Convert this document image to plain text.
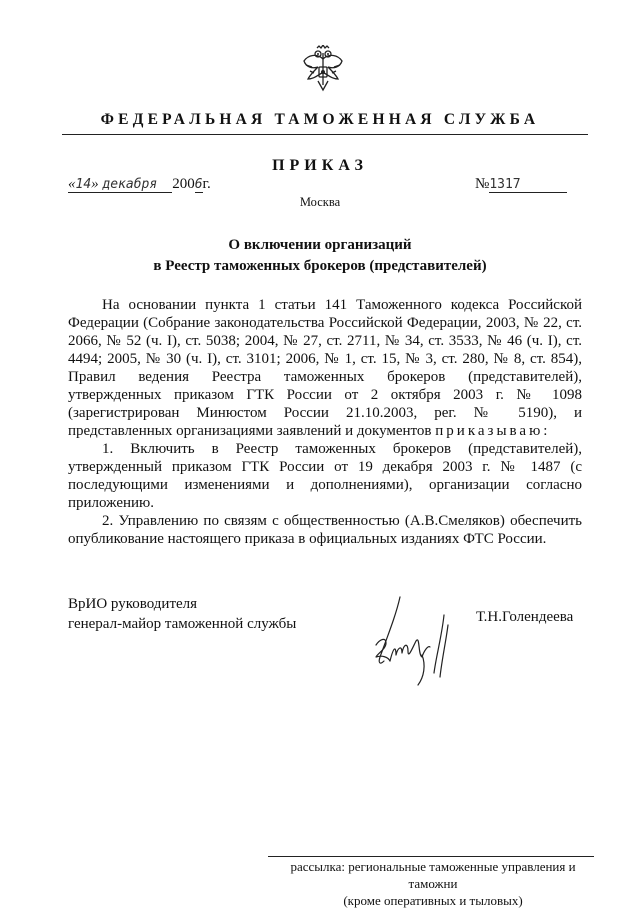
ФЕДЕРАЛЬНАЯ ТАМОЖЕННАЯ СЛУЖБА
ПРИКАЗ
«14» декабря 2006г.	№1317
Москва
О включении организаций
в Реестр таможенных брокеров (представителей)

На основании пункта 1 статьи 141 Таможенного кодекса Российской Федерации (Собрание законодательства Российской Федерации, 2003, № 22, ст. 2066, № 52 (ч. I), ст. 5038; 2004, № 27, ст. 2711, № 34, ст. 3533, № 46 (ч. I), ст. 4494; 2005, № 30 (ч. I), ст. 3101; 2006, № 1, ст. 15, № 3, ст. 280, № 8, ст. 854), Правил ведения Реестра таможенных брокеров (представителей), утвержденных приказом ГТК России от 2 октября 2003 г. № 1098 (зарегистрирован Минюстом России 21.10.2003, рег. № 5190), и представленных организациями заявлений и документов приказываю:

1. Включить в Реестр таможенных брокеров (представителей), утвержденный приказом ГТК России от 19 декабря 2003 г. № 1487 (с последующими изменениями и дополнениями), организации согласно приложению.

2. Управлению по связям с общественностью (А.В.Смеляков) обеспечить опубликование настоящего приказа в официальных изданиях ФТС России.

ВрИО руководителя
генерал-майор таможенной службы	Т.Н.Голендеева
рассылка: региональные таможенные управления и таможни
(кроме оперативных и тыловых)
